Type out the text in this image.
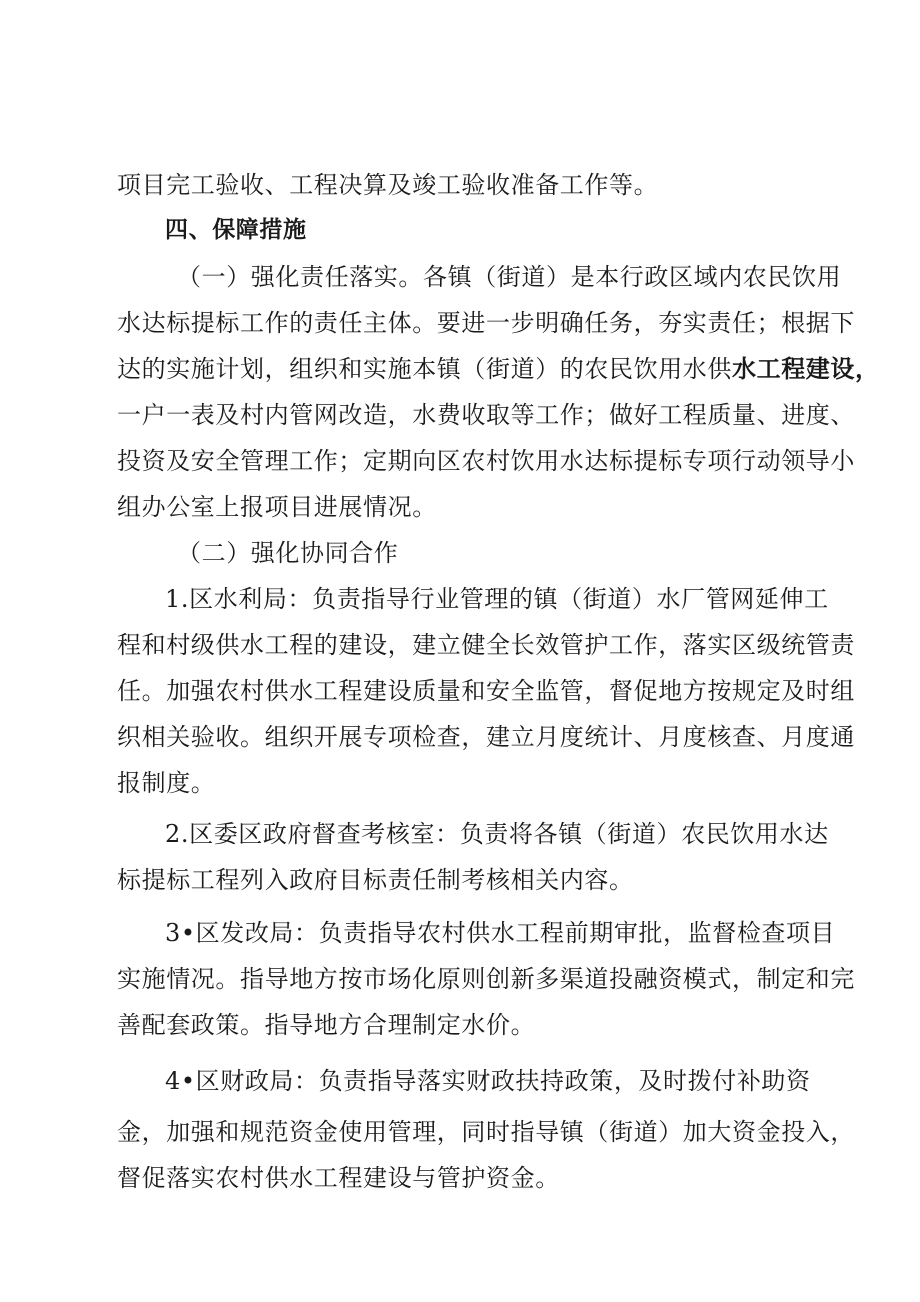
项目完工验收、工程决算及竣工验收准备工作等。
四、保障措施
（一）强化责任落实。各镇（街道）是本行政区域内农民饮用
水达标提标工作的责任主体。要进一步明确任务，夯实责任；根据下
达的实施计划，组织和实施本镇（街道）的农民饮用水供水工程建设，
一户一表及村内管网改造，水费收取等工作；做好工程质量、进度、
投资及安全管理工作；定期向区农村饮用水达标提标专项行动领导小
组办公室上报项目进展情况。
（二）强化协同合作
1.区水利局：负责指导行业管理的镇（街道）水厂管网延伸工
程和村级供水工程的建设，建立健全长效管护工作，落实区级统管责
任。加强农村供水工程建设质量和安全监管，督促地方按规定及时组
织相关验收。组织开展专项检查，建立月度统计、月度核查、月度通
报制度。
2.区委区政府督查考核室：负责将各镇（街道）农民饮用水达
标提标工程列入政府目标责任制考核相关内容。
3•区发改局：负责指导农村供水工程前期审批，监督检查项目
实施情况。指导地方按市场化原则创新多渠道投融资模式，制定和完
善配套政策。指导地方合理制定水价。
4•区财政局：负责指导落实财政扶持政策，及时拨付补助资
金，加强和规范资金使用管理，同时指导镇（街道）加大资金投入，
督促落实农村供水工程建设与管护资金。
